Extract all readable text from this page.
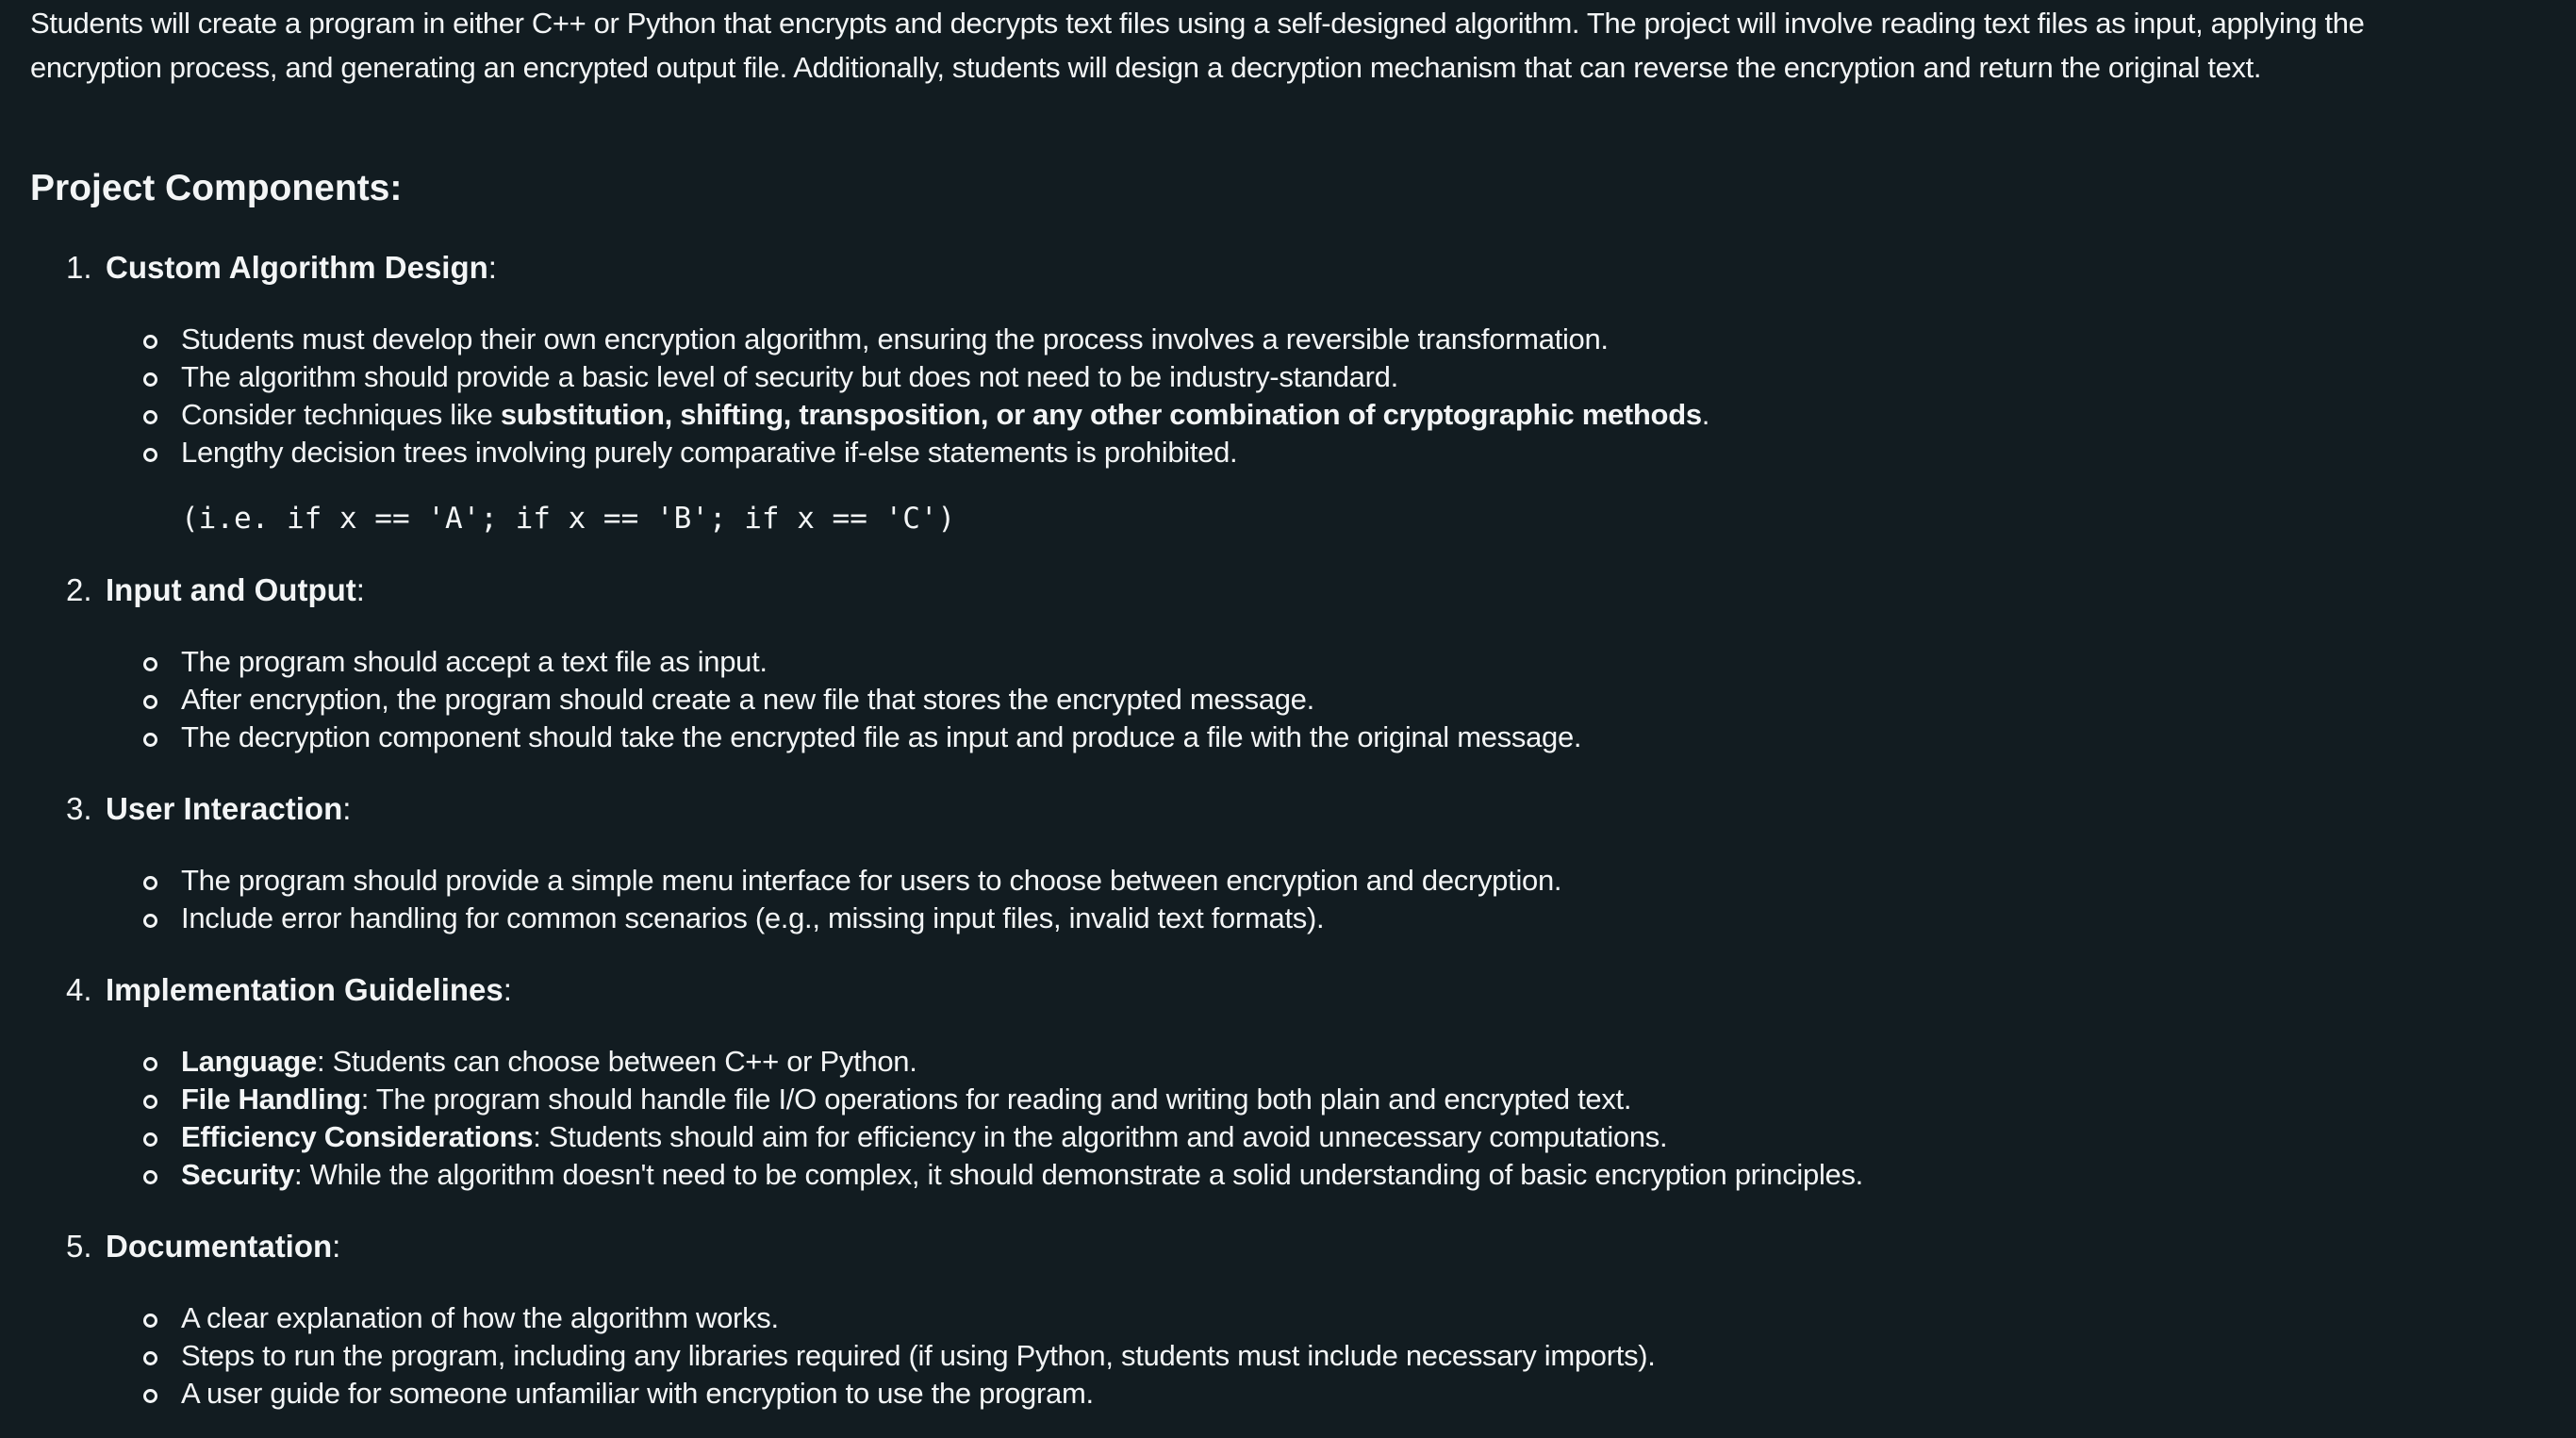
Students will create a program in either C++ or Python that encrypts and decrypts text files using a self-designed algorithm. The project will involve reading text files as input, applying the
encryption process, and generating an encrypted output file. Additionally, students will design a decryption mechanism that can reverse the encryption and return the original text.

Project Components:
1. Custom Algorithm Design:
Students must develop their own encryption algorithm, ensuring the process involves a reversible transformation.
The algorithm should provide a basic level of security but does not need to be industry-standard.
Consider techniques like substitution, shifting, transposition, or any other combination of cryptographic methods.
Lengthy decision trees involving purely comparative if-else statements is prohibited.
(i.e. if x == 'A'; if x == 'B'; if x == 'C')
2. Input and Output:
The program should accept a text file as input.
After encryption, the program should create a new file that stores the encrypted message.
The decryption component should take the encrypted file as input and produce a file with the original message.
3. User Interaction:
The program should provide a simple menu interface for users to choose between encryption and decryption.
Include error handling for common scenarios (e.g., missing input files, invalid text formats).
4. Implementation Guidelines:
Language: Students can choose between C++ or Python.
File Handling: The program should handle file I/O operations for reading and writing both plain and encrypted text.
Efficiency Considerations: Students should aim for efficiency in the algorithm and avoid unnecessary computations.
Security: While the algorithm doesn't need to be complex, it should demonstrate a solid understanding of basic encryption principles.
5. Documentation:
A clear explanation of how the algorithm works.
Steps to run the program, including any libraries required (if using Python, students must include necessary imports).
A user guide for someone unfamiliar with encryption to use the program.
